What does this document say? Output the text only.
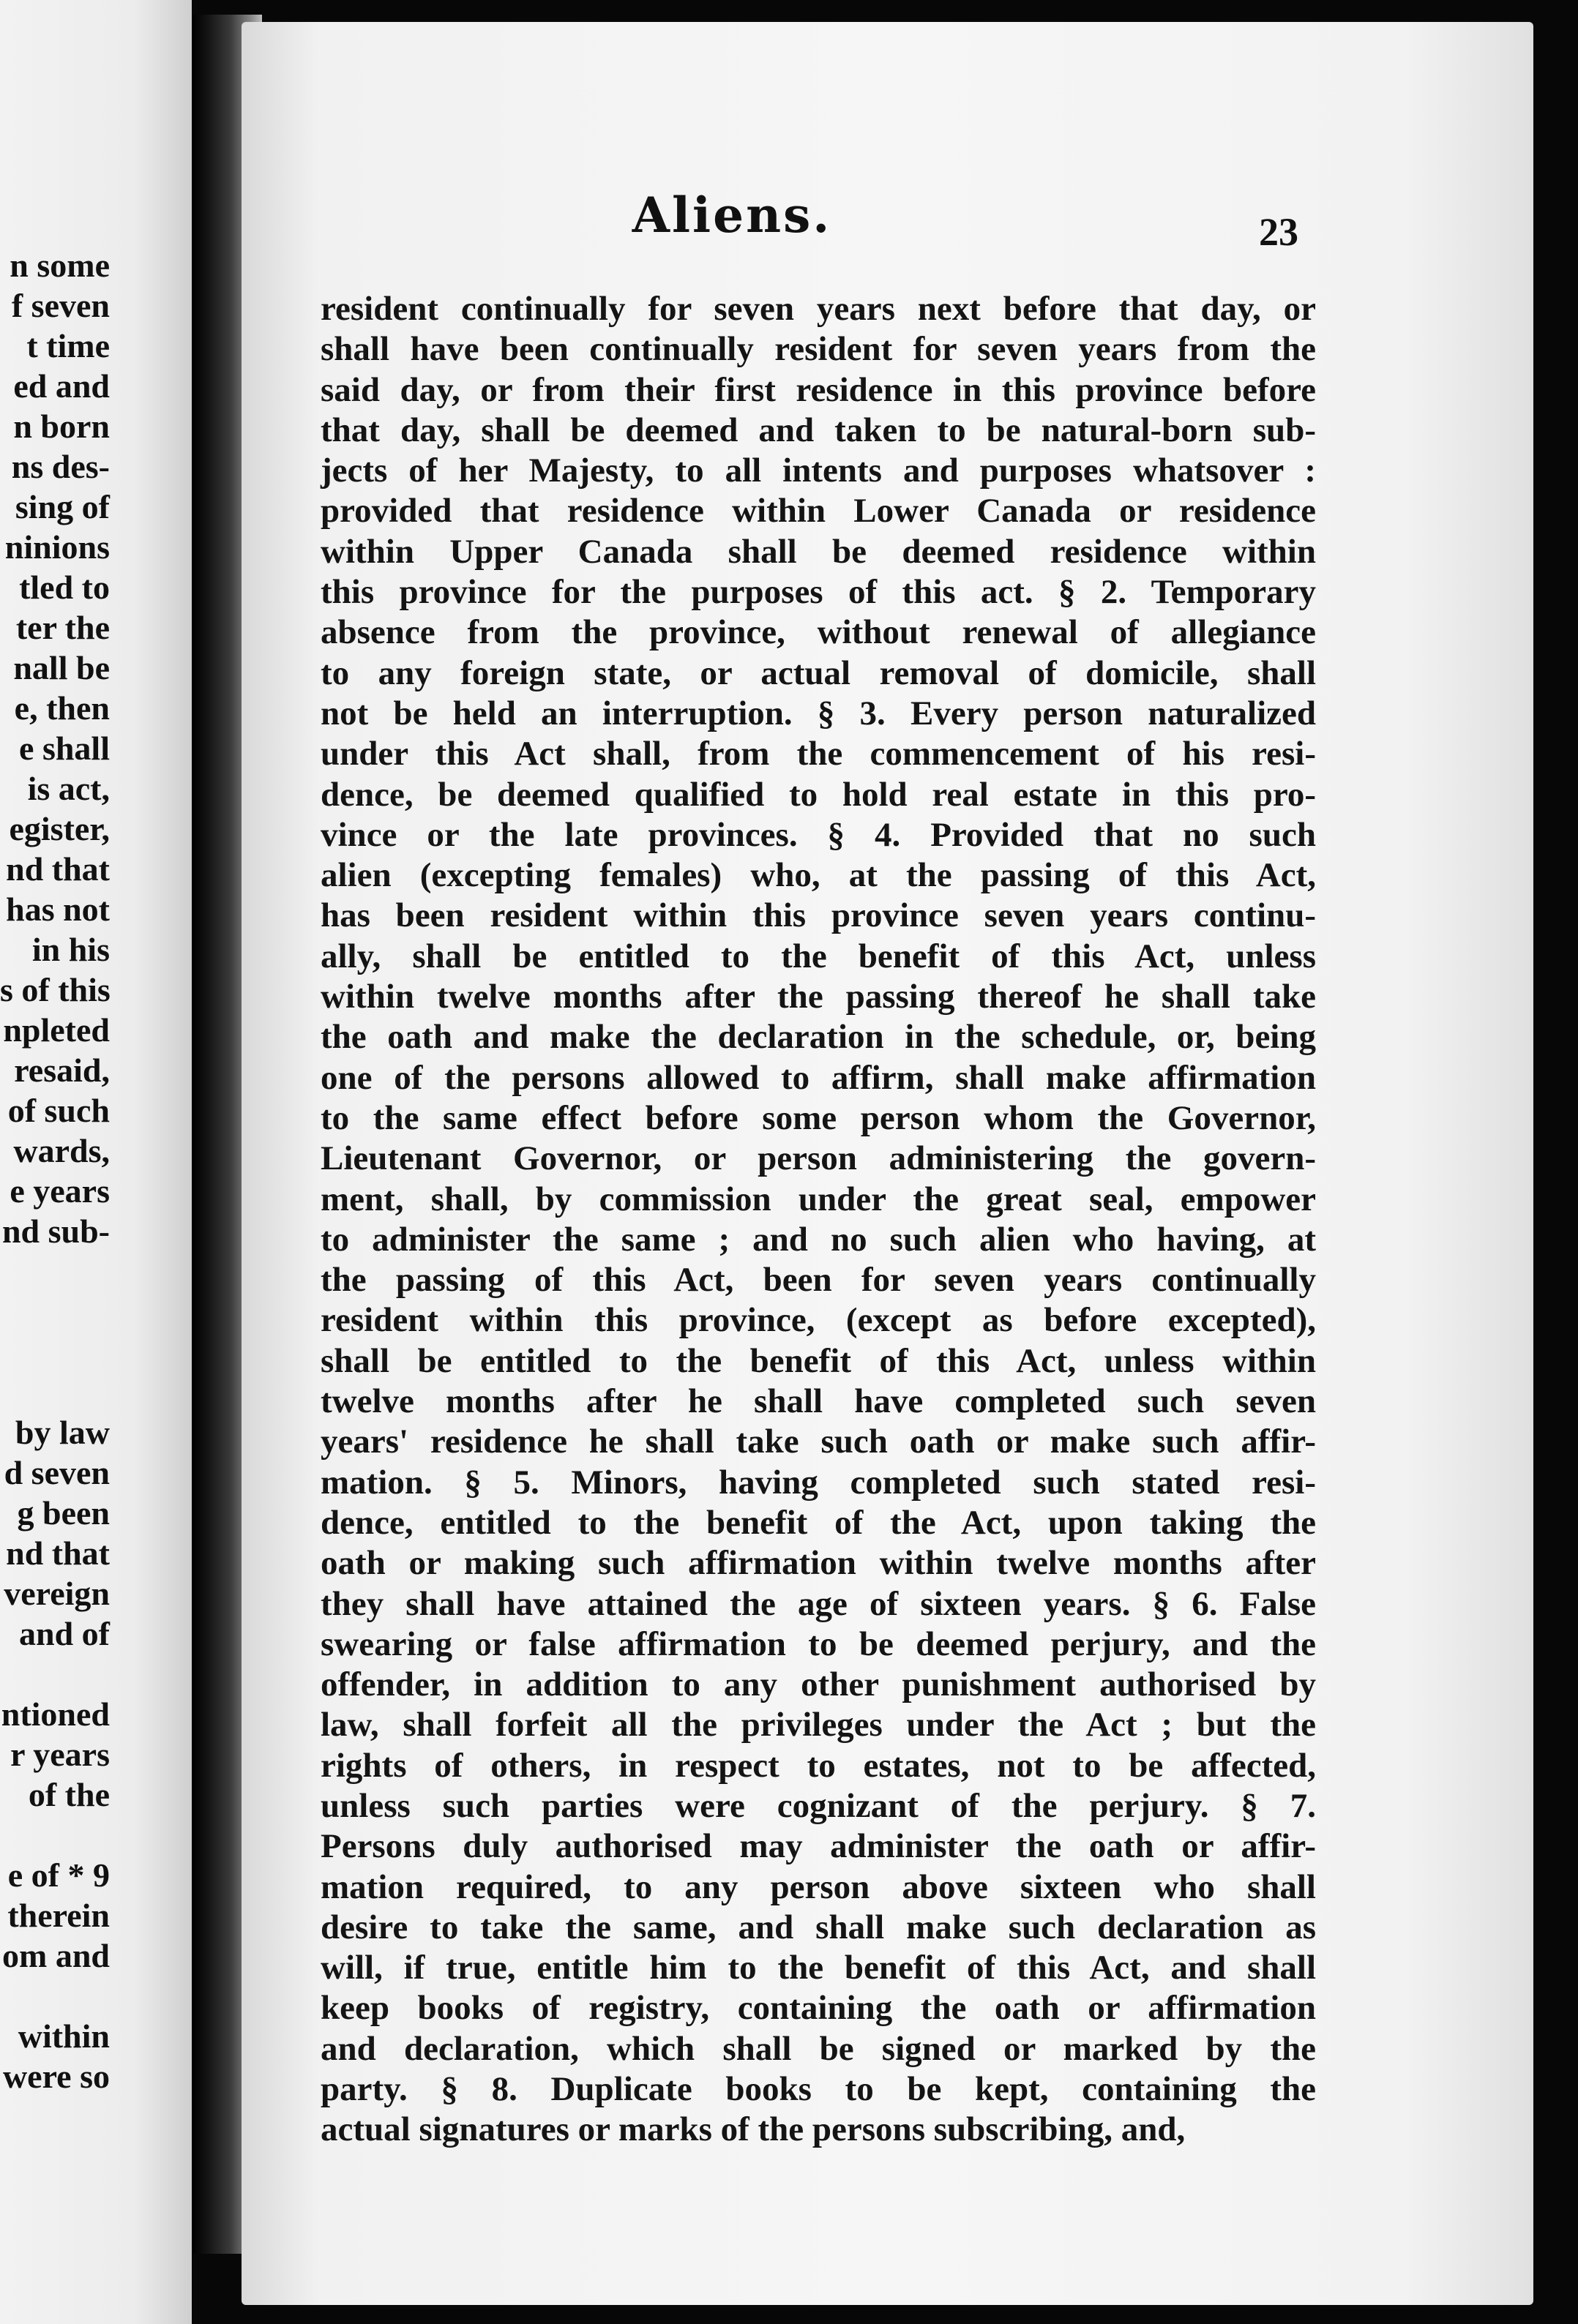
n some
f seven
t time
ed and
n born
ns des-
sing of
ninions
tled to
ter the
nall be
e, then
e shall
is act,
egister,
nd that
has not
in his
s of this
npleted
resaid,
of such
wards,
e years
nd sub-

by law
d seven
g been
nd that
vereign
and of

ntioned
r years
of the

e of * 9
therein
om and

within
were so
Aliens.	23
resident continually for seven years next before that day, or
shall have been continually resident for seven years from the
said day, or from their first residence in this province before
that day, shall be deemed and taken to be natural-born sub-
jects of her Majesty, to all intents and purposes whatsover :
provided that residence within Lower Canada or residence
within Upper Canada shall be deemed residence within
this province for the purposes of this act. § 2. Temporary
absence from the province, without renewal of allegiance
to any foreign state, or actual removal of domicile, shall
not be held an interruption. § 3. Every person naturalized
under this Act shall, from the commencement of his resi-
dence, be deemed qualified to hold real estate in this pro-
vince or the late provinces. § 4. Provided that no such
alien (excepting females) who, at the passing of this Act,
has been resident within this province seven years continu-
ally, shall be entitled to the benefit of this Act, unless
within twelve months after the passing thereof he shall take
the oath and make the declaration in the schedule, or, being
one of the persons allowed to affirm, shall make affirmation
to the same effect before some person whom the Governor,
Lieutenant Governor, or person administering the govern-
ment, shall, by commission under the great seal, empower
to administer the same ; and no such alien who having, at
the passing of this Act, been for seven years continually
resident within this province, (except as before excepted),
shall be entitled to the benefit of this Act, unless within
twelve months after he shall have completed such seven
years' residence he shall take such oath or make such affir-
mation. § 5. Minors, having completed such stated resi-
dence, entitled to the benefit of the Act, upon taking the
oath or making such affirmation within twelve months after
they shall have attained the age of sixteen years. § 6. False
swearing or false affirmation to be deemed perjury, and the
offender, in addition to any other punishment authorised by
law, shall forfeit all the privileges under the Act ; but the
rights of others, in respect to estates, not to be affected,
unless such parties were cognizant of the perjury. § 7.
Persons duly authorised may administer the oath or affir-
mation required, to any person above sixteen who shall
desire to take the same, and shall make such declaration as
will, if true, entitle him to the benefit of this Act, and shall
keep books of registry, containing the oath or affirmation
and declaration, which shall be signed or marked by the
party. § 8. Duplicate books to be kept, containing the
actual signatures or marks of the persons subscribing, and,
